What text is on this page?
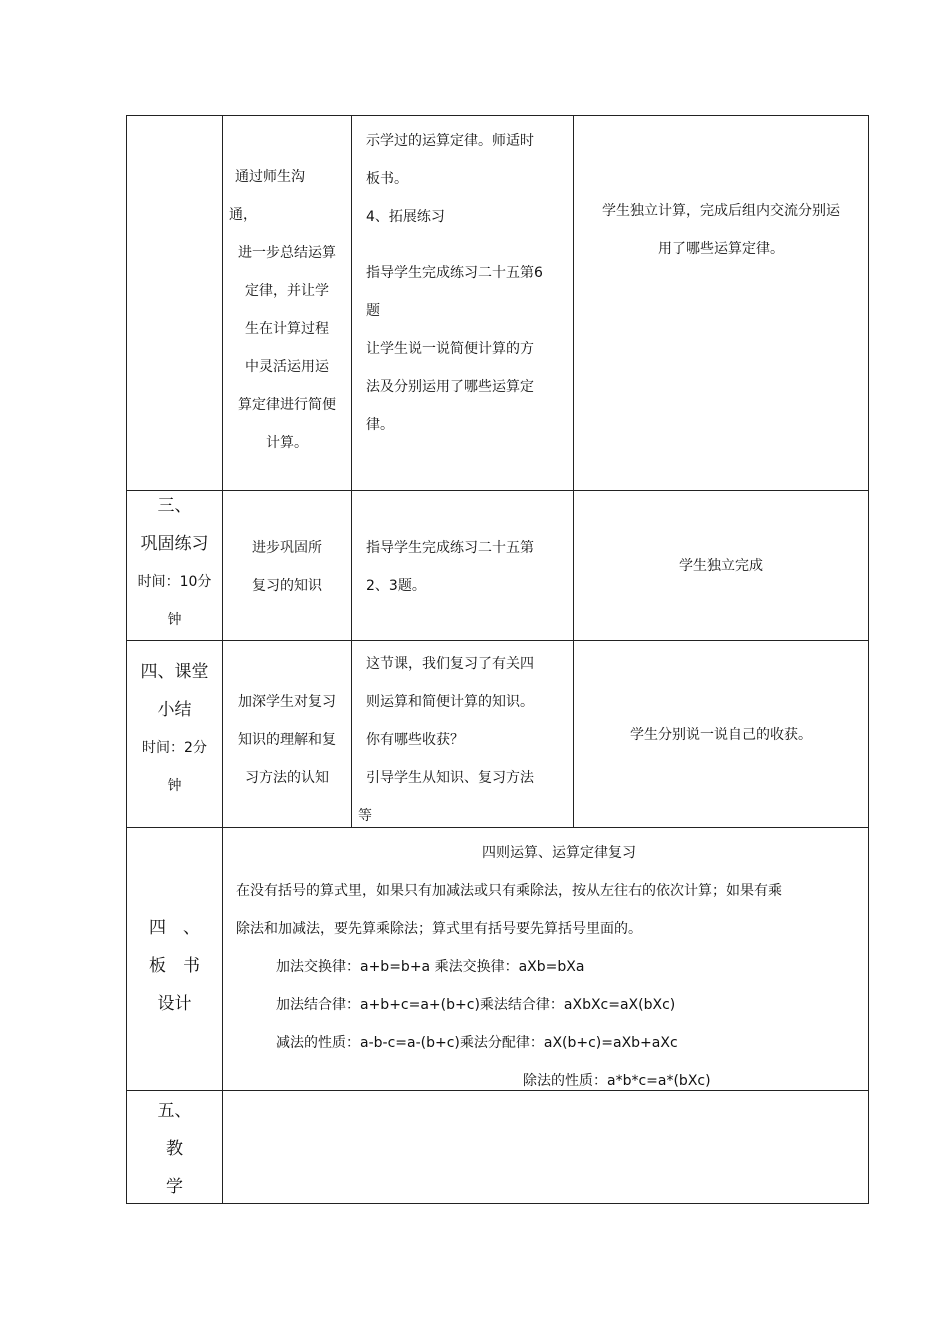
通过师生沟
通，
进一步总结运算
定律，并让学
生在计算过程
中灵活运用运
算定律进行简便
计算。
示学过的运算定律。师适时
板书。
4、拓展练习
指导学生完成练习二十五第6
题
让学生说一说简便计算的方
法及分别运用了哪些运算定
律。
学生独立计算，完成后组内交流分别运
用了哪些运算定律。
三、
巩固练习
时间：10分
钟
进步巩固所
复习的知识
指导学生完成练习二十五第
2、3题。
学生独立完成
四、课堂
小结
时间：2分
钟
加深学生对复习
知识的理解和复
习方法的认知
这节课，我们复习了有关四
则运算和简便计算的知识。
你有哪些收获？
引导学生从知识、复习方法
等
学生分别说一说自己的收获。
四　、
板　书
设计
四则运算、运算定律复习
在没有括号的算式里，如果只有加减法或只有乘除法，按从左往右的依次计算；如果有乘
除法和加减法，要先算乘除法；算式里有括号要先算括号里面的。
加法交换律：a+b=b+a 乘法交换律：aXb=bXa
加法结合律：a+b+c=a+(b+c)乘法结合律：aXbXc=aX(bXc)
减法的性质：a-b-c=a-(b+c)乘法分配律：aX(b+c)=aXb+aXc
除法的性质：a*b*c=a*(bXc)
五、
教
学
